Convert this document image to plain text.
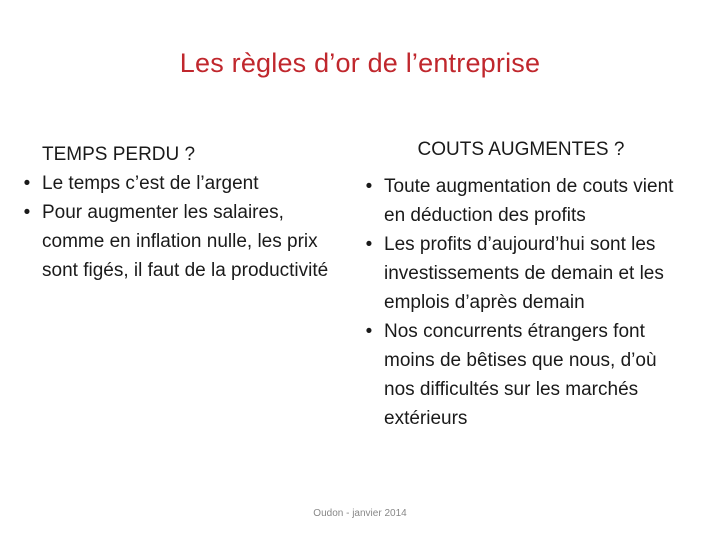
Les règles d’or de l’entreprise

TEMPS PERDU ?

• Le temps c’est de l’argent
• Pour augmenter les salaires, comme en inflation nulle, les prix sont figés, il faut de la productivité

COUTS AUGMENTES ?

• Toute augmentation de couts vient en déduction des profits
• Les profits d’aujourd’hui sont les investissements de demain et les emplois d’après demain
• Nos concurrents étrangers font moins de bêtises que nous, d’où nos difficultés sur les marchés extérieurs
Oudon - janvier 2014
